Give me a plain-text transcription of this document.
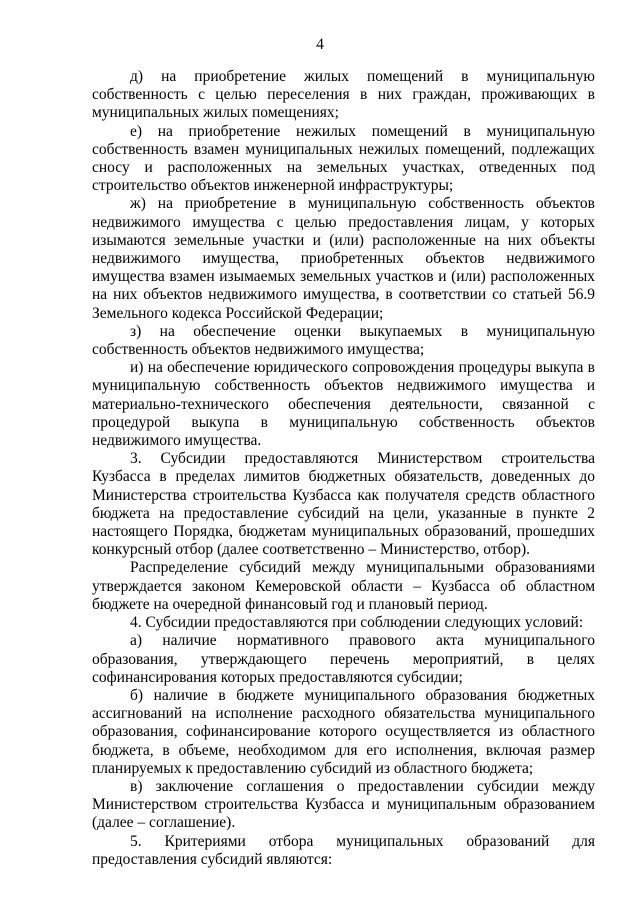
4

д) на приобретение жилых помещений в муниципальную собственность с целью переселения в них граждан, проживающих в муниципальных жилых помещениях;

е) на приобретение нежилых помещений в муниципальную собственность взамен муниципальных нежилых помещений, подлежащих сносу и расположенных на земельных участках, отведенных под строительство объектов инженерной инфраструктуры;

ж) на приобретение в муниципальную собственность объектов недвижимого имущества с целью предоставления лицам, у которых изымаются земельные участки и (или) расположенные на них объекты недвижимого имущества, приобретенных объектов недвижимого имущества взамен изымаемых земельных участков и (или) расположенных на них объектов недвижимого имущества, в соответствии со статьей 56.9 Земельного кодекса Российской Федерации;

з) на обеспечение оценки выкупаемых в муниципальную собственность объектов недвижимого имущества;

и) на обеспечение юридического сопровождения процедуры выкупа в муниципальную собственность объектов недвижимого имущества и материально-технического обеспечения деятельности, связанной с процедурой выкупа в муниципальную собственность объектов недвижимого имущества.

3. Субсидии предоставляются Министерством строительства Кузбасса в пределах лимитов бюджетных обязательств, доведенных до Министерства строительства Кузбасса как получателя средств областного бюджета на предоставление субсидий на цели, указанные в пункте 2 настоящего Порядка, бюджетам муниципальных образований, прошедших конкурсный отбор (далее соответственно – Министерство, отбор).

Распределение субсидий между муниципальными образованиями утверждается законом Кемеровской области – Кузбасса об областном бюджете на очередной финансовый год и плановый период.

4. Субсидии предоставляются при соблюдении следующих условий:

а) наличие нормативного правового акта муниципального образования, утверждающего перечень мероприятий, в целях софинансирования которых предоставляются субсидии;

б) наличие в бюджете муниципального образования бюджетных ассигнований на исполнение расходного обязательства муниципального образования, софинансирование которого осуществляется из областного бюджета, в объеме, необходимом для его исполнения, включая размер планируемых к предоставлению субсидий из областного бюджета;

в) заключение соглашения о предоставлении субсидии между Министерством строительства Кузбасса и муниципальным образованием (далее – соглашение).

5. Критериями отбора муниципальных образований для предоставления субсидий являются:
